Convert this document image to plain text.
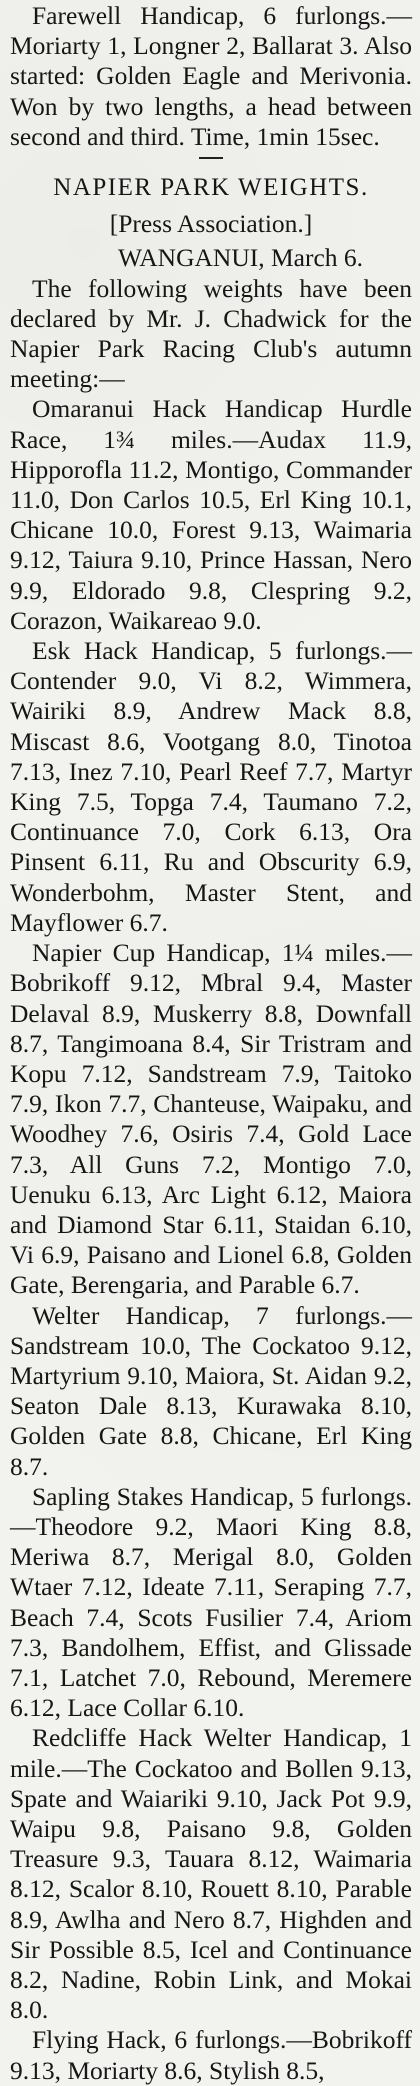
Farewell Handicap, 6 furlongs.—Moriarty 1, Longner 2, Ballarat 3. Also started: Golden Eagle and Merivonia. Won by two lengths, a head between second and third. Time, 1min 15sec.

NAPIER PARK WEIGHTS.

[Press Association.]

WANGANUI, March 6.

The following weights have been declared by Mr. J. Chadwick for the Napier Park Racing Club's autumn meeting:—

Omaranui Hack Handicap Hurdle Race, 1¾ miles.—Audax 11.9, Hipporofla 11.2, Montigo, Commander 11.0, Don Carlos 10.5, Erl King 10.1, Chicane 10.0, Forest 9.13, Waimaria 9.12, Taiura 9.10, Prince Hassan, Nero 9.9, Eldorado 9.8, Clespring 9.2, Corazon, Waikareao 9.0.

Esk Hack Handicap, 5 furlongs.—Contender 9.0, Vi 8.2, Wimmera, Wairiki 8.9, Andrew Mack 8.8, Miscast 8.6, Vootgang 8.0, Tinotoa 7.13, Inez 7.10, Pearl Reef 7.7, Martyr King 7.5, Topga 7.4, Taumano 7.2, Continuance 7.0, Cork 6.13, Ora Pinsent 6.11, Ru and Obscurity 6.9, Wonderbohm, Master Stent, and Mayflower 6.7.

Napier Cup Handicap, 1¼ miles.—Bobrikoff 9.12, Mbral 9.4, Master Delaval 8.9, Muskerry 8.8, Downfall 8.7, Tangimoana 8.4, Sir Tristram and Kopu 7.12, Sandstream 7.9, Taitoko 7.9, Ikon 7.7, Chanteuse, Waipaku, and Woodhey 7.6, Osiris 7.4, Gold Lace 7.3, All Guns 7.2, Montigo 7.0, Uenuku 6.13, Arc Light 6.12, Maiora and Diamond Star 6.11, Staidan 6.10, Vi 6.9, Paisano and Lionel 6.8, Golden Gate, Berengaria, and Parable 6.7.

Welter Handicap, 7 furlongs.—Sandstream 10.0, The Cockatoo 9.12, Martyrium 9.10, Maiora, St. Aidan 9.2, Seaton Dale 8.13, Kurawaka 8.10, Golden Gate 8.8, Chicane, Erl King 8.7.

Sapling Stakes Handicap, 5 furlongs.—Theodore 9.2, Maori King 8.8, Meriwa 8.7, Merigal 8.0, Golden Wtaer 7.12, Ideate 7.11, Seraping 7.7, Beach 7.4, Scots Fusilier 7.4, Ariom 7.3, Bandolhem, Effist, and Glissade 7.1, Latchet 7.0, Rebound, Meremere 6.12, Lace Collar 6.10.

Redcliffe Hack Welter Handicap, 1 mile.—The Cockatoo and Bollen 9.13, Spate and Waiariki 9.10, Jack Pot 9.9, Waipu 9.8, Paisano 9.8, Golden Treasure 9.3, Tauara 8.12, Waimaria 8.12, Scalor 8.10, Rouett 8.10, Parable 8.9, Awlha and Nero 8.7, Highden and Sir Possible 8.5, Icel and Continuance 8.2, Nadine, Robin Link, and Mokai 8.0.

Flying Hack, 6 furlongs.—Bobrikoff 9.13, Moriarty 8.6, Stylish 8.5,
